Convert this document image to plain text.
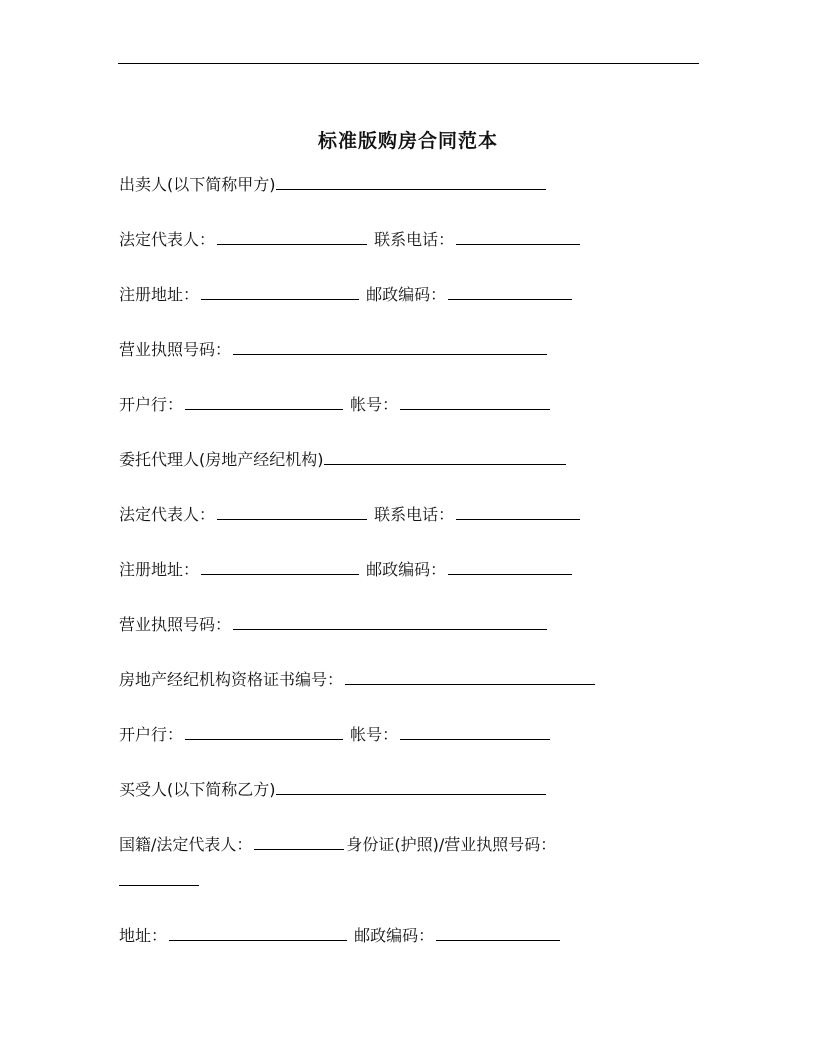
标准版购房合同范本
出卖人(以下简称甲方)
法定代表人：	联系电话：
注册地址：	邮政编码：
营业执照号码：
开户行：	帐号：
委托代理人(房地产经纪机构)
法定代表人：	联系电话：
注册地址：	邮政编码：
营业执照号码：
房地产经纪机构资格证书编号：
开户行：	帐号：
买受人(以下简称乙方)
国籍/法定代表人：	身份证(护照)/营业执照号码：
地址：	邮政编码：
